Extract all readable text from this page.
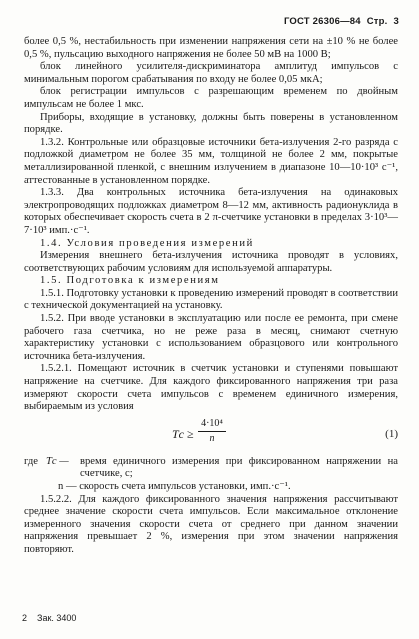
ГОСТ 26306—84 Стр. 3

более 0,5 %, нестабильность при изменении напряжения сети на ±10 % не более 0,5 %, пульсацию выходного напряжения не более 50 мВ на 1000 В;

блок линейного усилителя-дискриминатора амплитуд импульсов с минимальным порогом срабатывания по входу не более 0,05 мкА;

блок регистрации импульсов с разрешающим временем по двойным импульсам не более 1 мкс.

Приборы, входящие в установку, должны быть поверены в установленном порядке.

1.3.2. Контрольные или образцовые источники бета-излучения 2-го разряда с подложкой диаметром не более 35 мм, толщиной не более 2 мм, покрытые металлизированной пленкой, с внешним излучением в диапазоне 10—10·10³ с⁻¹, аттестованные в установленном порядке.

1.3.3. Два контрольных источника бета-излучения на одинаковых электропроводящих подложках диаметром 8—12 мм, активность радионуклида в которых обеспечивает скорость счета в 2 π-счетчике установки в пределах 3·10³—7·10³ имп.·с⁻¹.

1.4. Условия проведения измерений

Измерения внешнего бета-излучения источника проводят в условиях, соответствующих рабочим условиям для используемой аппаратуры.

1.5. Подготовка к измерениям

1.5.1. Подготовку установки к проведению измерений проводят в соответствии с технической документацией на установку.

1.5.2. При вводе установки в эксплуатацию или после ее ремонта, при смене рабочего газа счетчика, но не реже раза в месяц, снимают счетную характеристику установки с использованием образцового или контрольного источника бета-излучения.

1.5.2.1. Помещают источник в счетчик установки и ступенями повышают напряжение на счетчике. Для каждого фиксированного напряжения три раза измеряют скорости счета импульсов с временем единичного измерения, выбираемым из условия

Tс ≥
4·10⁴
n	(1)
где Tс —	время единичного измерения при фиксированном напряжении на счетчике, с;

n — скорость счета импульсов установки, имп.·с⁻¹.

1.5.2.2. Для каждого фиксированного значения напряжения рассчитывают среднее значение скорости счета импульсов. Если максимальное отклонение измеренного значения скорости счета от среднего при данном значении напряжения превышает 2 %, измерения при этом значении напряжения повторяют.

2 Зак. 3400
